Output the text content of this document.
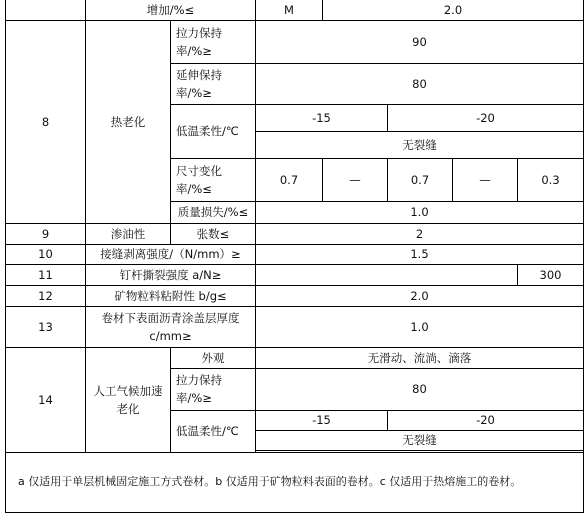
	增加/%≤		M	2.0			
8	热老化	拉力保持率/%≥	90				
		延伸保持率/%≥	80				
		低温柔性/℃	-15		-20		
			无裂缝				
		尺寸变化率/%≤	0.7	—	0.7	—	0.3
		质量损失/%≤	1.0				
9	渗油性	张数≤	2				
10	接缝剥离强度/（N/mm）≥		1.5				
11	钉杆撕裂强度 a/N≥						300
12	矿物粒料粘附性 b/g≤		2.0				
13	卷材下表面沥青涂盖层厚度 c/mm≥		1.0				
14	人工气候加速老化	外观	无滑动、流淌、滴落				
		拉力保持率/%≥	80				
		低温柔性/℃	-15		-20		
			无裂缝				

a 仅适用于单层机械固定施工方式卷材。b 仅适用于矿物粒料表面的卷材。c 仅适用于热熔施工的卷材。							
